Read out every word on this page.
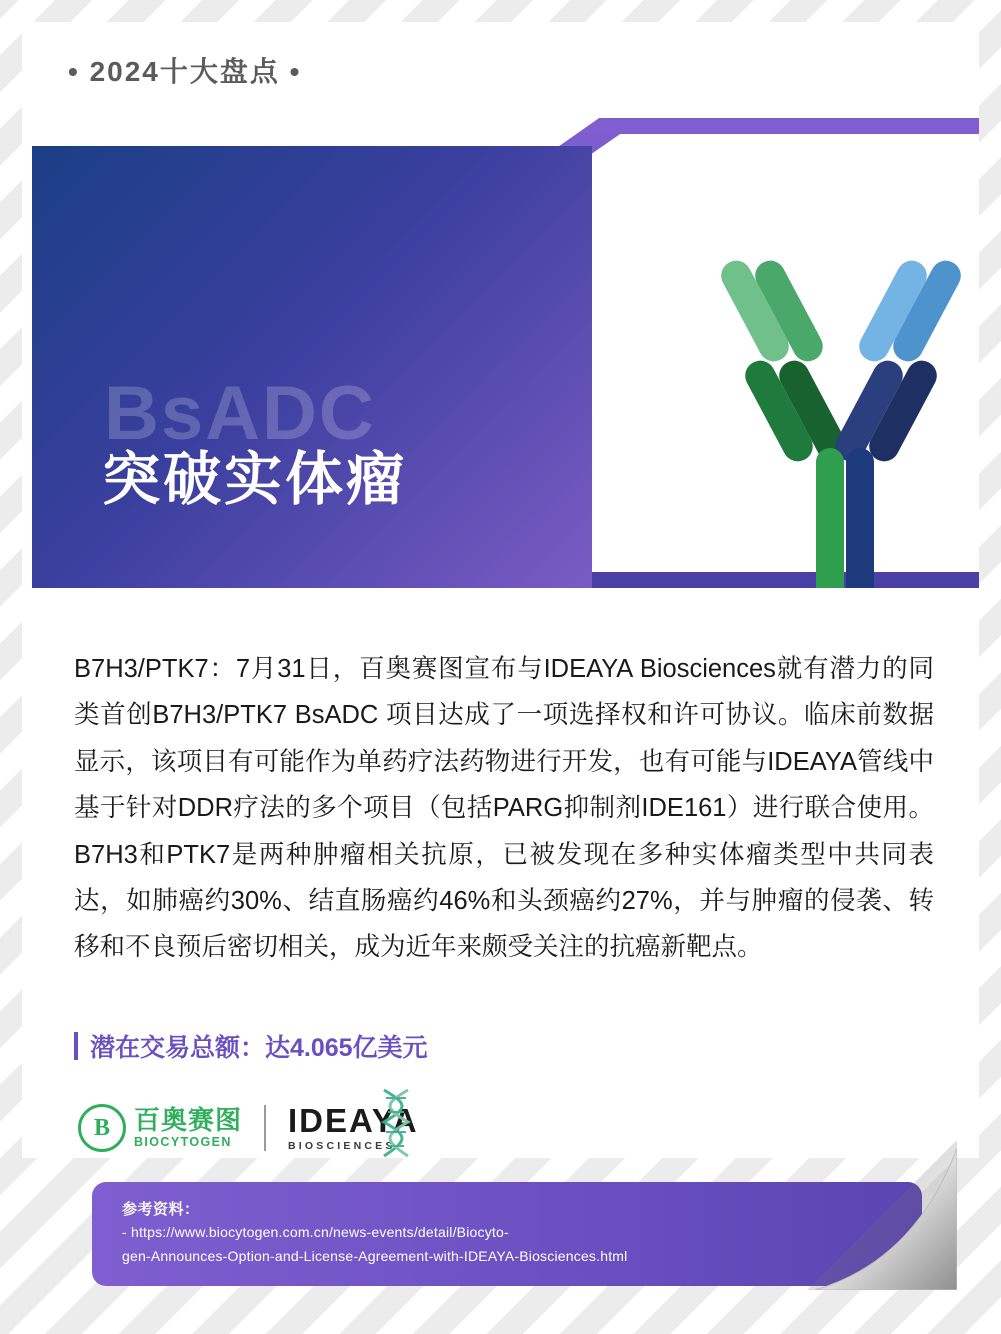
• 2024十大盘点 •
BsADC
突破实体瘤
B7H3/PTK7：7月31日，百奥赛图宣布与IDEAYA Biosciences就有潜力的同类首创B7H3/PTK7 BsADC 项目达成了一项选择权和许可协议。临床前数据显示，该项目有可能作为单药疗法药物进行开发，也有可能与IDEAYA管线中基于针对DDR疗法的多个项目（包括PARG抑制剂IDE161）进行联合使用。B7H3和PTK7是两种肿瘤相关抗原，已被发现在多种实体瘤类型中共同表达，如肺癌约30%、结直肠癌约46%和头颈癌约27%，并与肿瘤的侵袭、转移和不良预后密切相关，成为近年来颇受关注的抗癌新靶点。
潜在交易总额：达4.065亿美元
B 百奥赛图
BIOCYTOGEN
IDEAYA
BIOSCIENCES
参考资料：
- https://www.biocytogen.com.cn/news-events/detail/Biocyto-
gen-Announces-Option-and-License-Agreement-with-IDEAYA-Biosciences.html
